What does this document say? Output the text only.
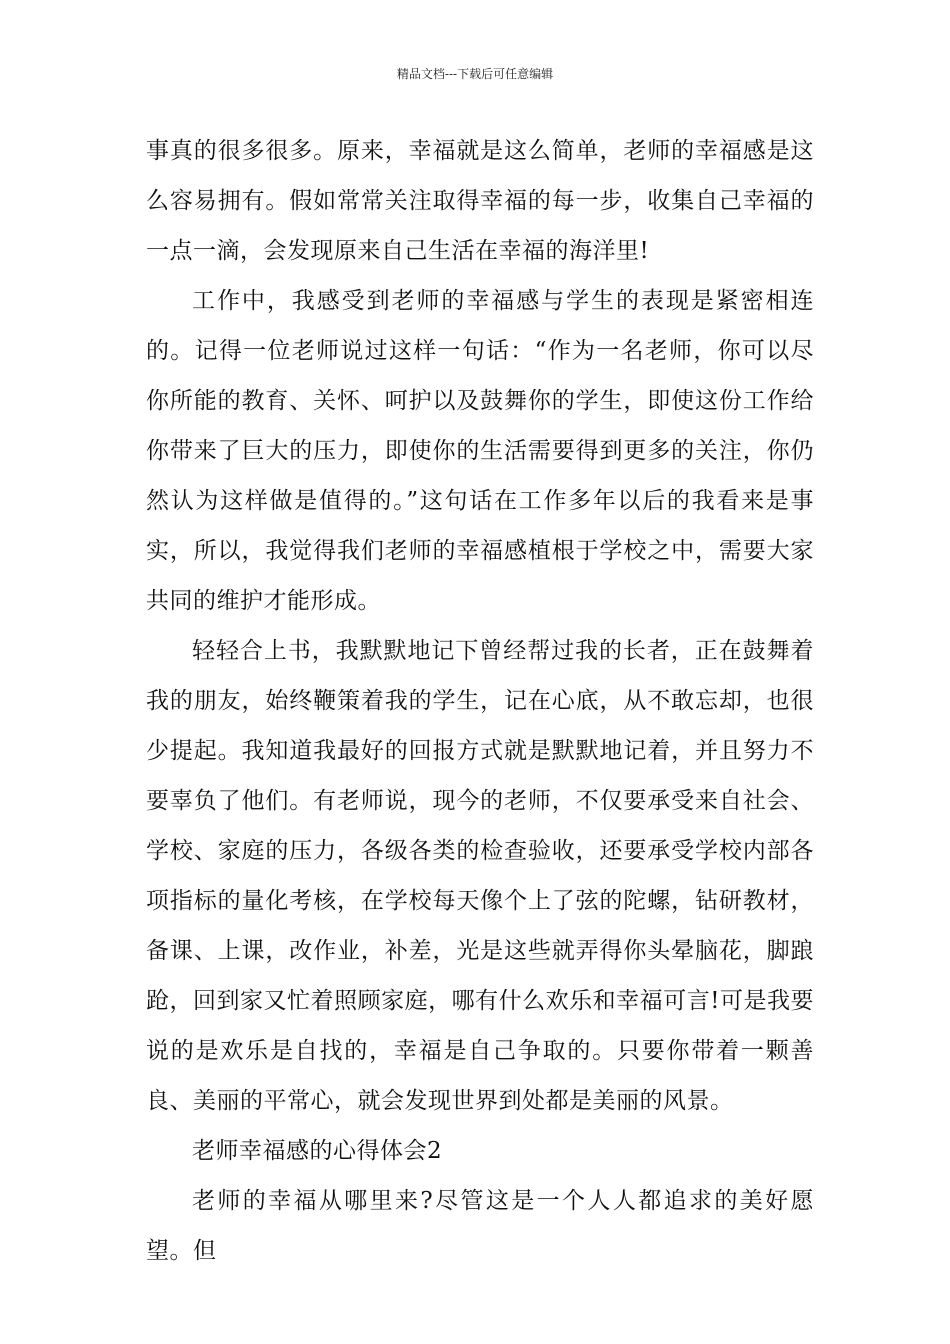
精品文档---下载后可任意编辑

事真的很多很多。原来，幸福就是这么简单，老师的幸福感是这么容易拥有。假如常常关注取得幸福的每一步，收集自己幸福的一点一滴，会发现原来自己生活在幸福的海洋里!

工作中，我感受到老师的幸福感与学生的表现是紧密相连的。记得一位老师说过这样一句话：“作为一名老师，你可以尽你所能的教育、关怀、呵护以及鼓舞你的学生，即使这份工作给你带来了巨大的压力，即使你的生活需要得到更多的关注，你仍然认为这样做是值得的。”这句话在工作多年以后的我看来是事实，所以，我觉得我们老师的幸福感植根于学校之中，需要大家共同的维护才能形成。

轻轻合上书，我默默地记下曾经帮过我的长者，正在鼓舞着我的朋友，始终鞭策着我的学生，记在心底，从不敢忘却，也很少提起。我知道我最好的回报方式就是默默地记着，并且努力不要辜负了他们。有老师说，现今的老师，不仅要承受来自社会、学校、家庭的压力，各级各类的检查验收，还要承受学校内部各项指标的量化考核，在学校每天像个上了弦的陀螺，钻研教材，备课、上课，改作业，补差，光是这些就弄得你头晕脑花，脚踉跄，回到家又忙着照顾家庭，哪有什么欢乐和幸福可言!可是我要说的是欢乐是自找的，幸福是自己争取的。只要你带着一颗善良、美丽的平常心，就会发现世界到处都是美丽的风景。

老师幸福感的心得体会2

老师的幸福从哪里来?尽管这是一个人人都追求的美好愿望。但
